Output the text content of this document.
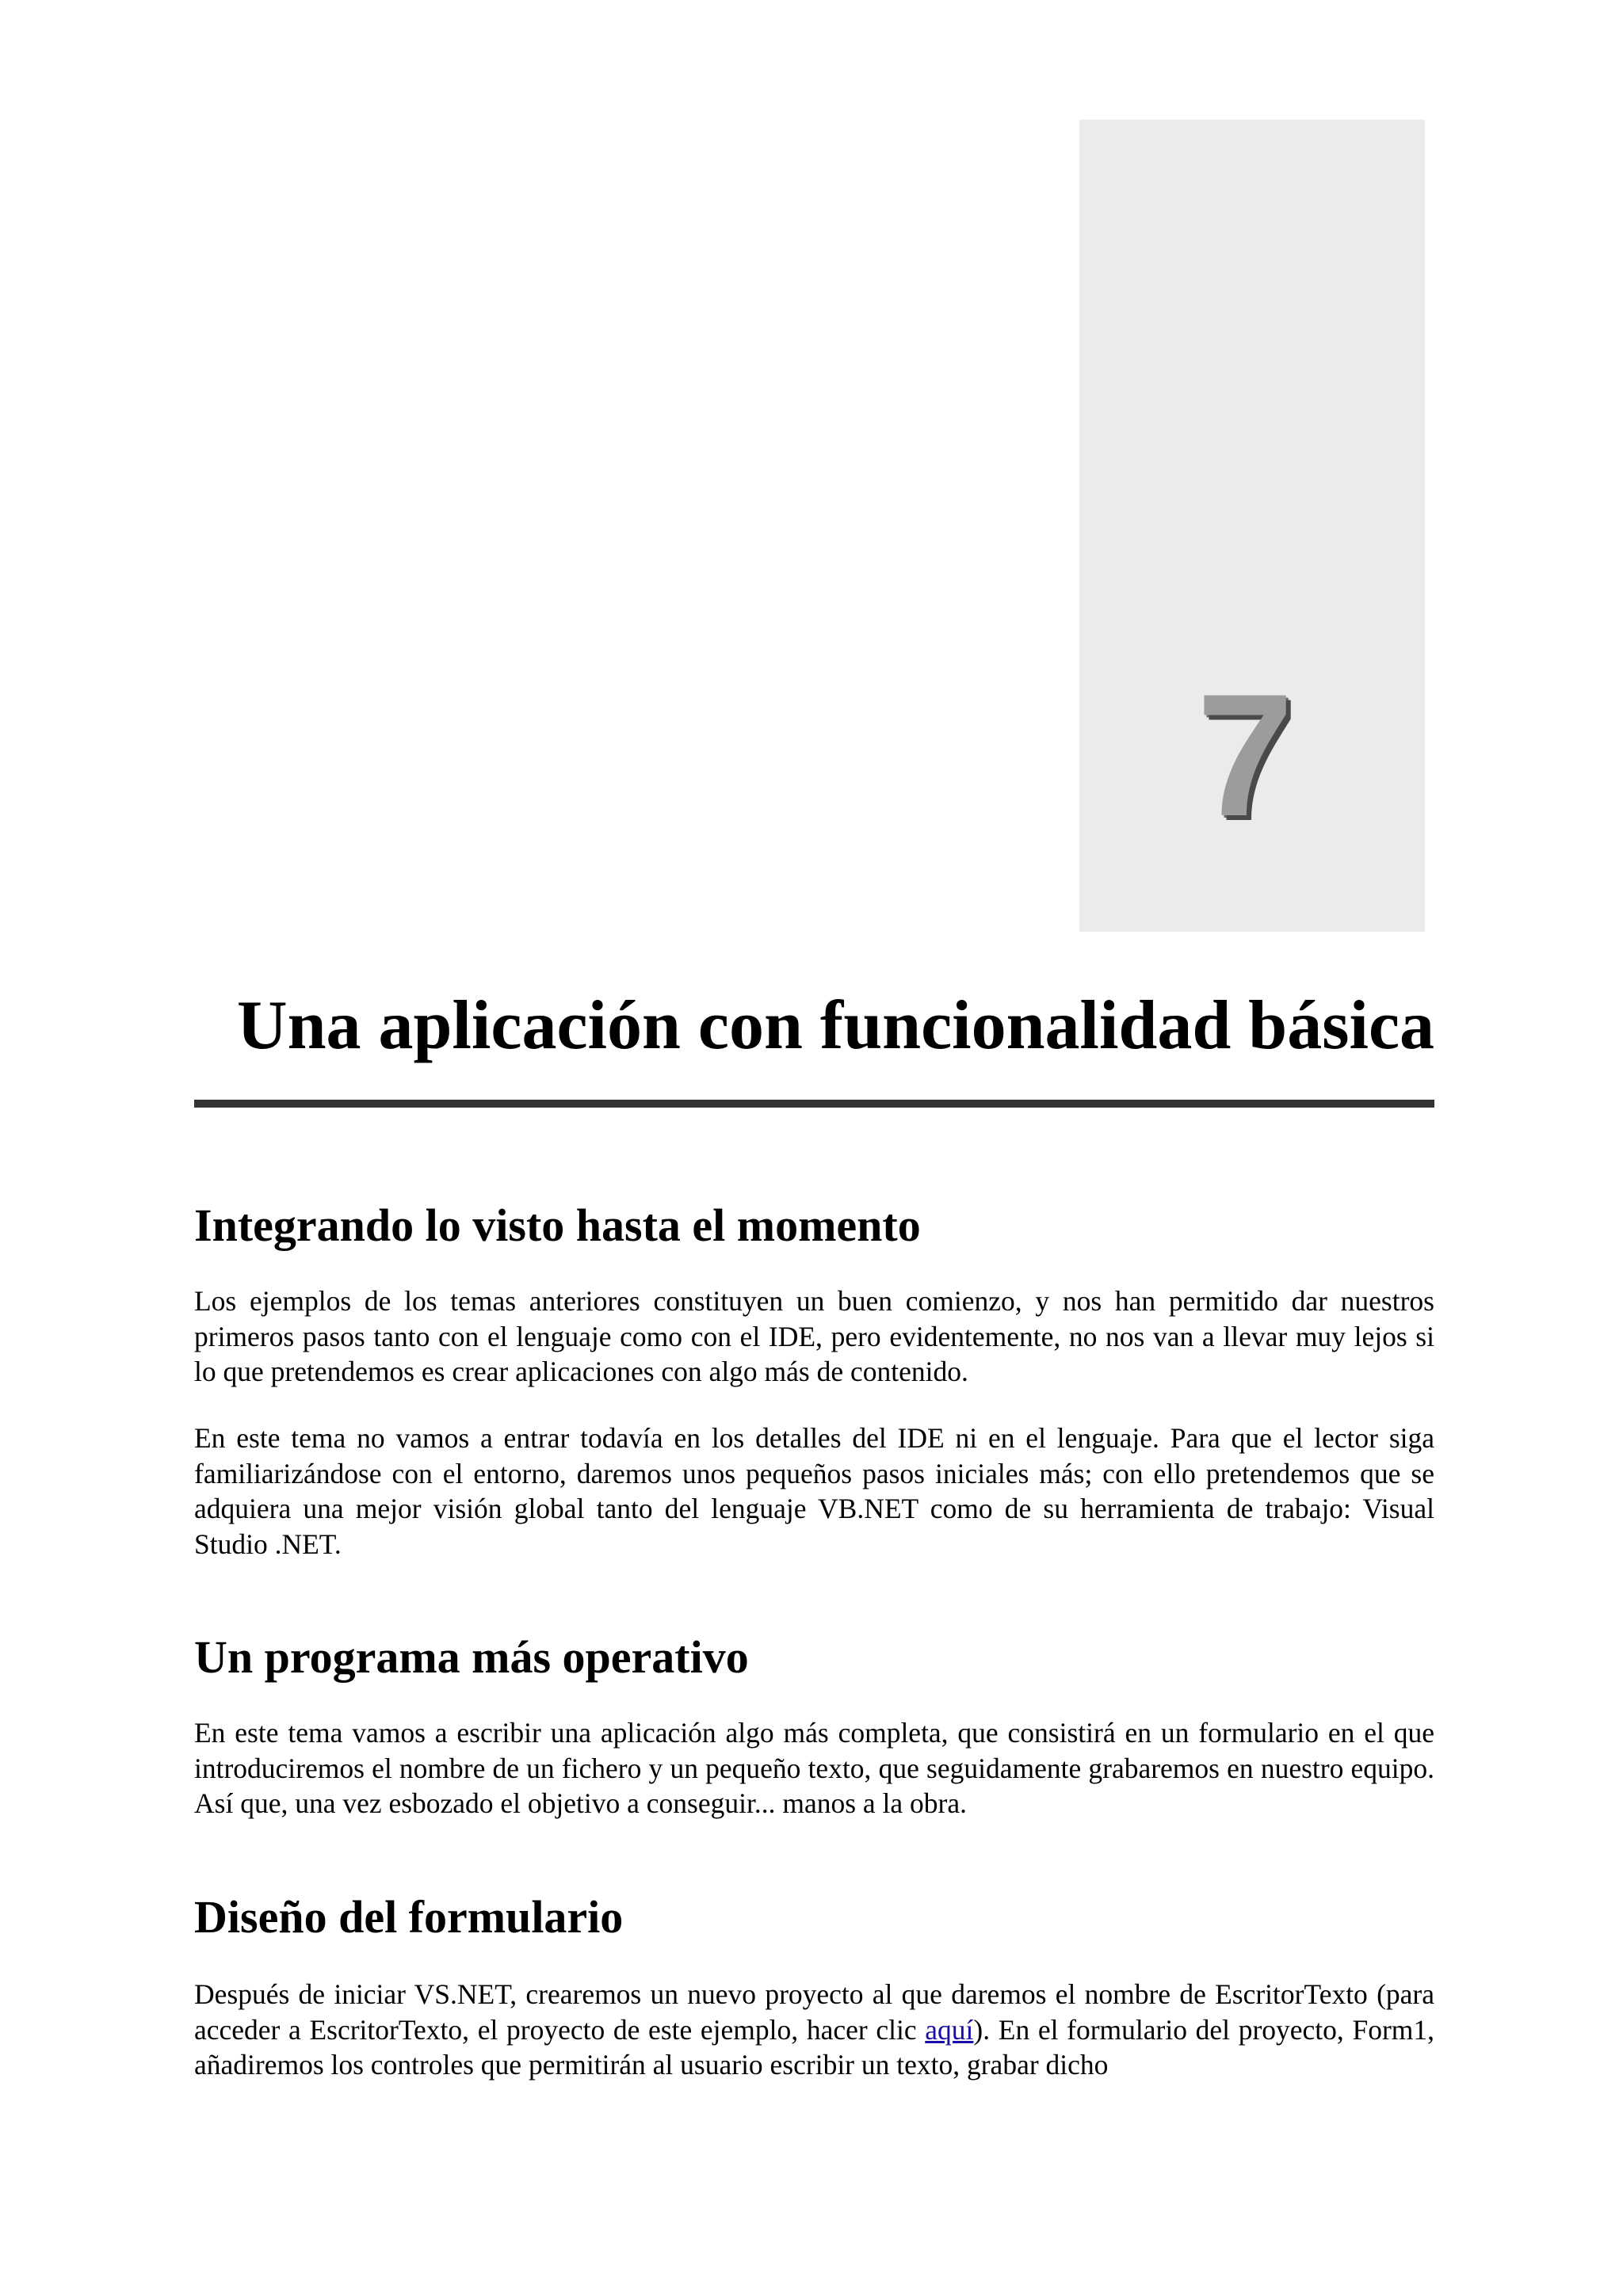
7
Una aplicación con funcionalidad básica
Integrando lo visto hasta el momento

Los ejemplos de los temas anteriores constituyen un buen comienzo, y nos han permitido dar nuestros primeros pasos tanto con el lenguaje como con el IDE, pero evidentemente, no nos van a llevar muy lejos si lo que pretendemos es crear aplicaciones con algo más de contenido.

En este tema no vamos a entrar todavía en los detalles del IDE ni en el lenguaje. Para que el lector siga familiarizándose con el entorno, daremos unos pequeños pasos iniciales más; con ello pretendemos que se adquiera una mejor visión global tanto del lenguaje VB.NET como de su herramienta de trabajo: Visual Studio .NET.

Un programa más operativo

En este tema vamos a escribir una aplicación algo más completa, que consistirá en un formulario en el que introduciremos el nombre de un fichero y un pequeño texto, que seguidamente grabaremos en nuestro equipo. Así que, una vez esbozado el objetivo a conseguir... manos a la obra.

Diseño del formulario

Después de iniciar VS.NET, crearemos un nuevo proyecto al que daremos el nombre de EscritorTexto (para acceder a EscritorTexto, el proyecto de este ejemplo, hacer clic aquí). En el formulario del proyecto, Form1, añadiremos los controles que permitirán al usuario escribir un texto, grabar dicho
